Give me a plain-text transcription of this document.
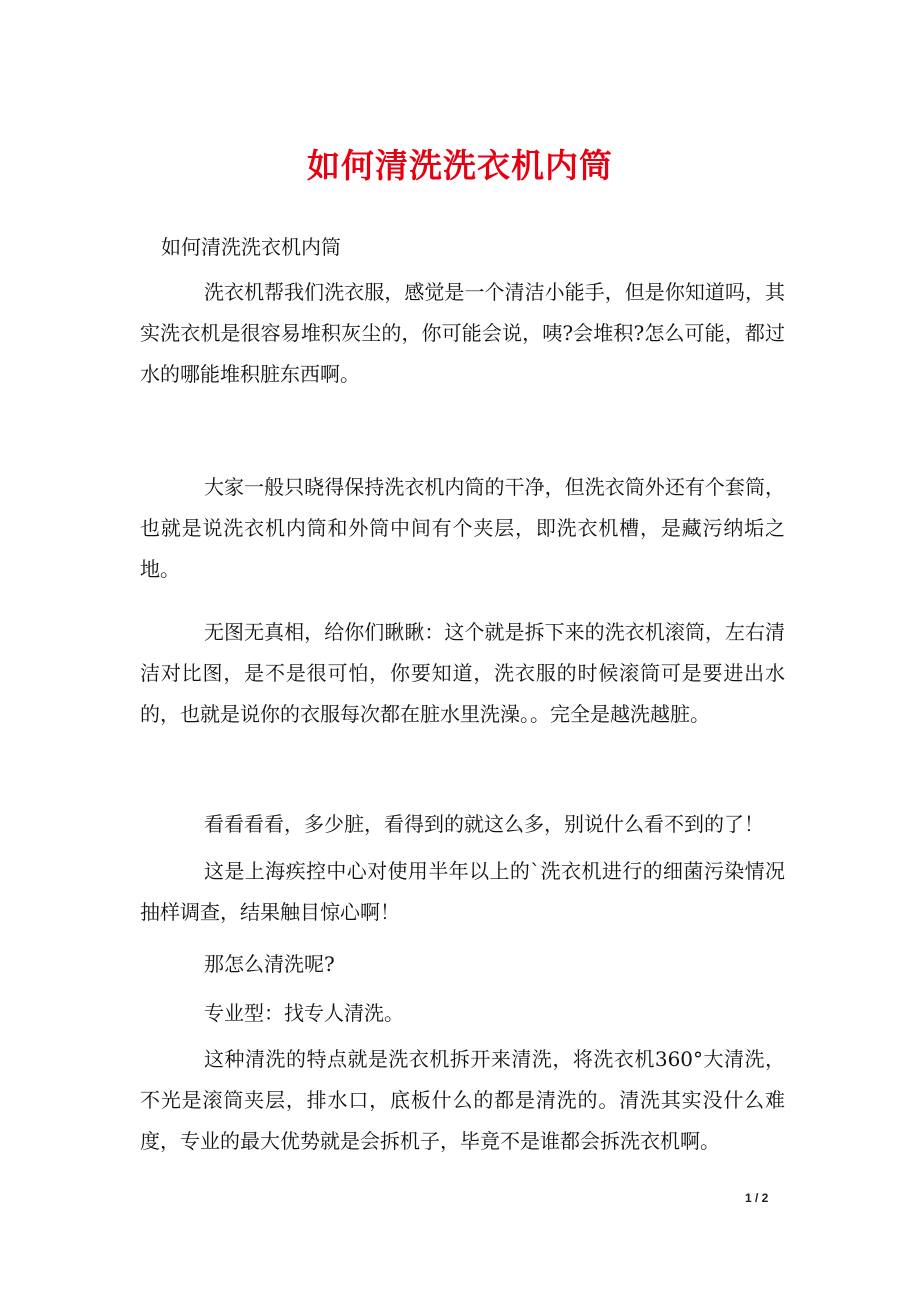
如何清洗洗衣机内筒

如何清洗洗衣机内筒

洗衣机帮我们洗衣服，感觉是一个清洁小能手，但是你知道吗，其实洗衣机是很容易堆积灰尘的，你可能会说，咦?会堆积?怎么可能，都过水的哪能堆积脏东西啊。

大家一般只晓得保持洗衣机内筒的干净，但洗衣筒外还有个套筒，也就是说洗衣机内筒和外筒中间有个夹层，即洗衣机槽，是藏污纳垢之地。

无图无真相，给你们瞅瞅：这个就是拆下来的洗衣机滚筒，左右清洁对比图，是不是很可怕，你要知道，洗衣服的时候滚筒可是要进出水的，也就是说你的衣服每次都在脏水里洗澡。。完全是越洗越脏。

看看看看，多少脏，看得到的就这么多，别说什么看不到的了！

这是上海疾控中心对使用半年以上的`洗衣机进行的细菌污染情况抽样调查，结果触目惊心啊！

那怎么清洗呢?

专业型：找专人清洗。

这种清洗的特点就是洗衣机拆开来清洗，将洗衣机360°大清洗，不光是滚筒夹层，排水口，底板什么的都是清洗的。清洗其实没什么难度，专业的最大优势就是会拆机子，毕竟不是谁都会拆洗衣机啊。

1 / 2
